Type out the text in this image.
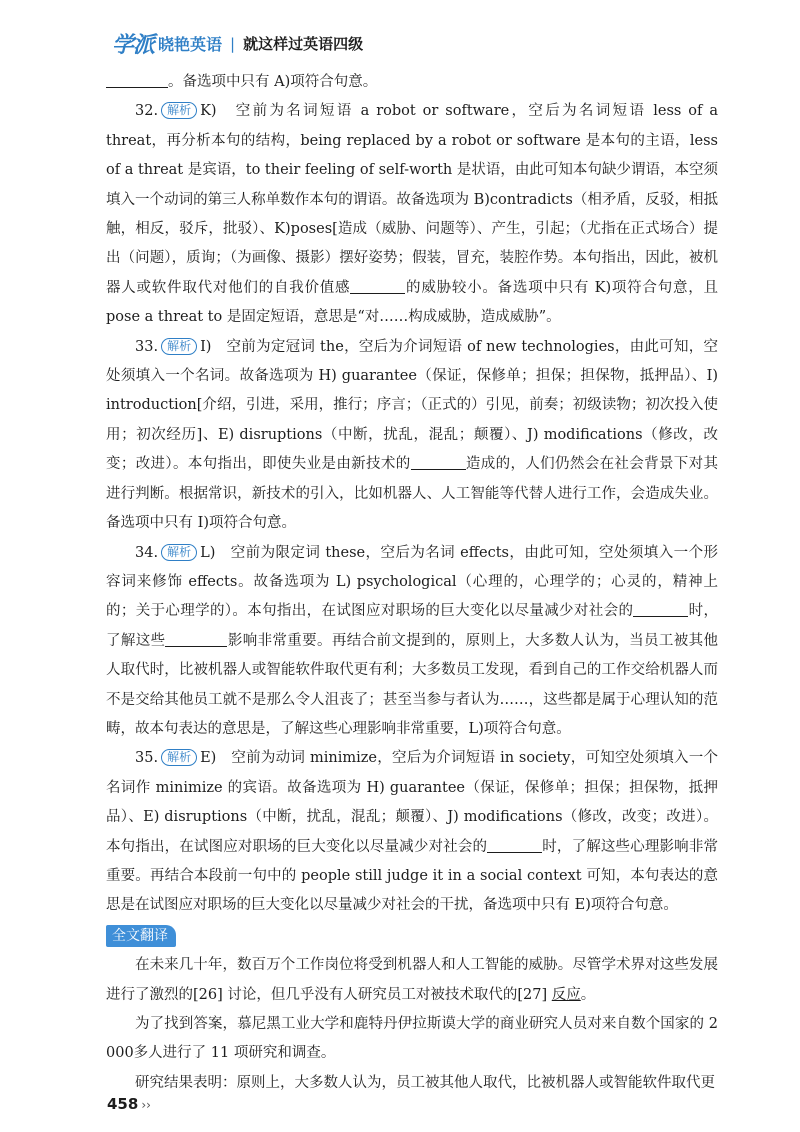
学派 晓艳英语 | 就这样过英语四级

。备选项中只有 A)项符合句意。

32. 解析 K)　 空前为名词短语 a robot or software，空后为名词短语 less of a threat，再分析本句的结构，being replaced by a robot or software 是本句的主语，less of a threat 是宾语，to their feeling of self-worth 是状语，由此可知本句缺少谓语，本空须填入一个动词的第三人称单数作本句的谓语。故备选项为 B)contradicts（相矛盾，反驳，相抵触，相反，驳斥，批驳）、K)poses[造成（威胁、问题等）、产生，引起；（尤指在正式场合）提出（问题），质询；（为画像、摄影）摆好姿势；假装，冒充，装腔作势。本句指出，因此，被机器人或软件取代对他们的自我价值感	的威胁较小。备选项中只有 K)项符合句意，且 pose a threat to 是固定短语，意思是“对……构成威胁，造成威胁”。

33. 解析 I)　 空前为定冠词 the，空后为介词短语 of new technologies，由此可知，空处须填入一个名词。故备选项为 H) guarantee（保证，保修单；担保；担保物，抵押品）、I) introduction[介绍，引进，采用，推行；序言；（正式的）引见，前奏；初级读物；初次投入使用；初次经历]、E) disruptions（中断，扰乱，混乱；颠覆）、J) modifications（修改，改变；改进）。本句指出，即使失业是由新技术的	造成的，人们仍然会在社会背景下对其进行判断。根据常识，新技术的引入，比如机器人、人工智能等代替人进行工作，会造成失业。备选项中只有 I)项符合句意。

34. 解析 L)　 空前为限定词 these，空后为名词 effects，由此可知，空处须填入一个形容词来修饰 effects。故备选项为 L) psychological（心理的，心理学的；心灵的，精神上的；关于心理学的）。本句指出，在试图应对职场的巨大变化以尽量减少对社会的	时，了解这些	影响非常重要。再结合前文提到的，原则上，大多数人认为，当员工被其他人取代时，比被机器人或智能软件取代更有利；大多数员工发现，看到自己的工作交给机器人而不是交给其他员工就不是那么令人沮丧了；甚至当参与者认为……，这些都是属于心理认知的范畴，故本句表达的意思是，了解这些心理影响非常重要，L)项符合句意。

35. 解析 E)　 空前为动词 minimize，空后为介词短语 in society，可知空处须填入一个名词作 minimize 的宾语。故备选项为 H) guarantee（保证，保修单；担保；担保物，抵押品）、E) disruptions（中断，扰乱，混乱；颠覆）、J) modifications（修改，改变；改进）。本句指出，在试图应对职场的巨大变化以尽量减少对社会的	时，了解这些心理影响非常重要。再结合本段前一句中的 people still judge it in a social context 可知，本句表达的意思是在试图应对职场的巨大变化以尽量减少对社会的干扰，备选项中只有 E)项符合句意。

全文翻译

在未来几十年，数百万个工作岗位将受到机器人和人工智能的威胁。尽管学术界对这些发展进行了激烈的[26] 讨论，但几乎没有人研究员工对被技术取代的[27] 反应。

为了找到答案，慕尼黑工业大学和鹿特丹伊拉斯谟大学的商业研究人员对来自数个国家的 2 000多人进行了 11 项研究和调查。

研究结果表明：原则上，大多数人认为，员工被其他人取代，比被机器人或智能软件取代更

458 ››
